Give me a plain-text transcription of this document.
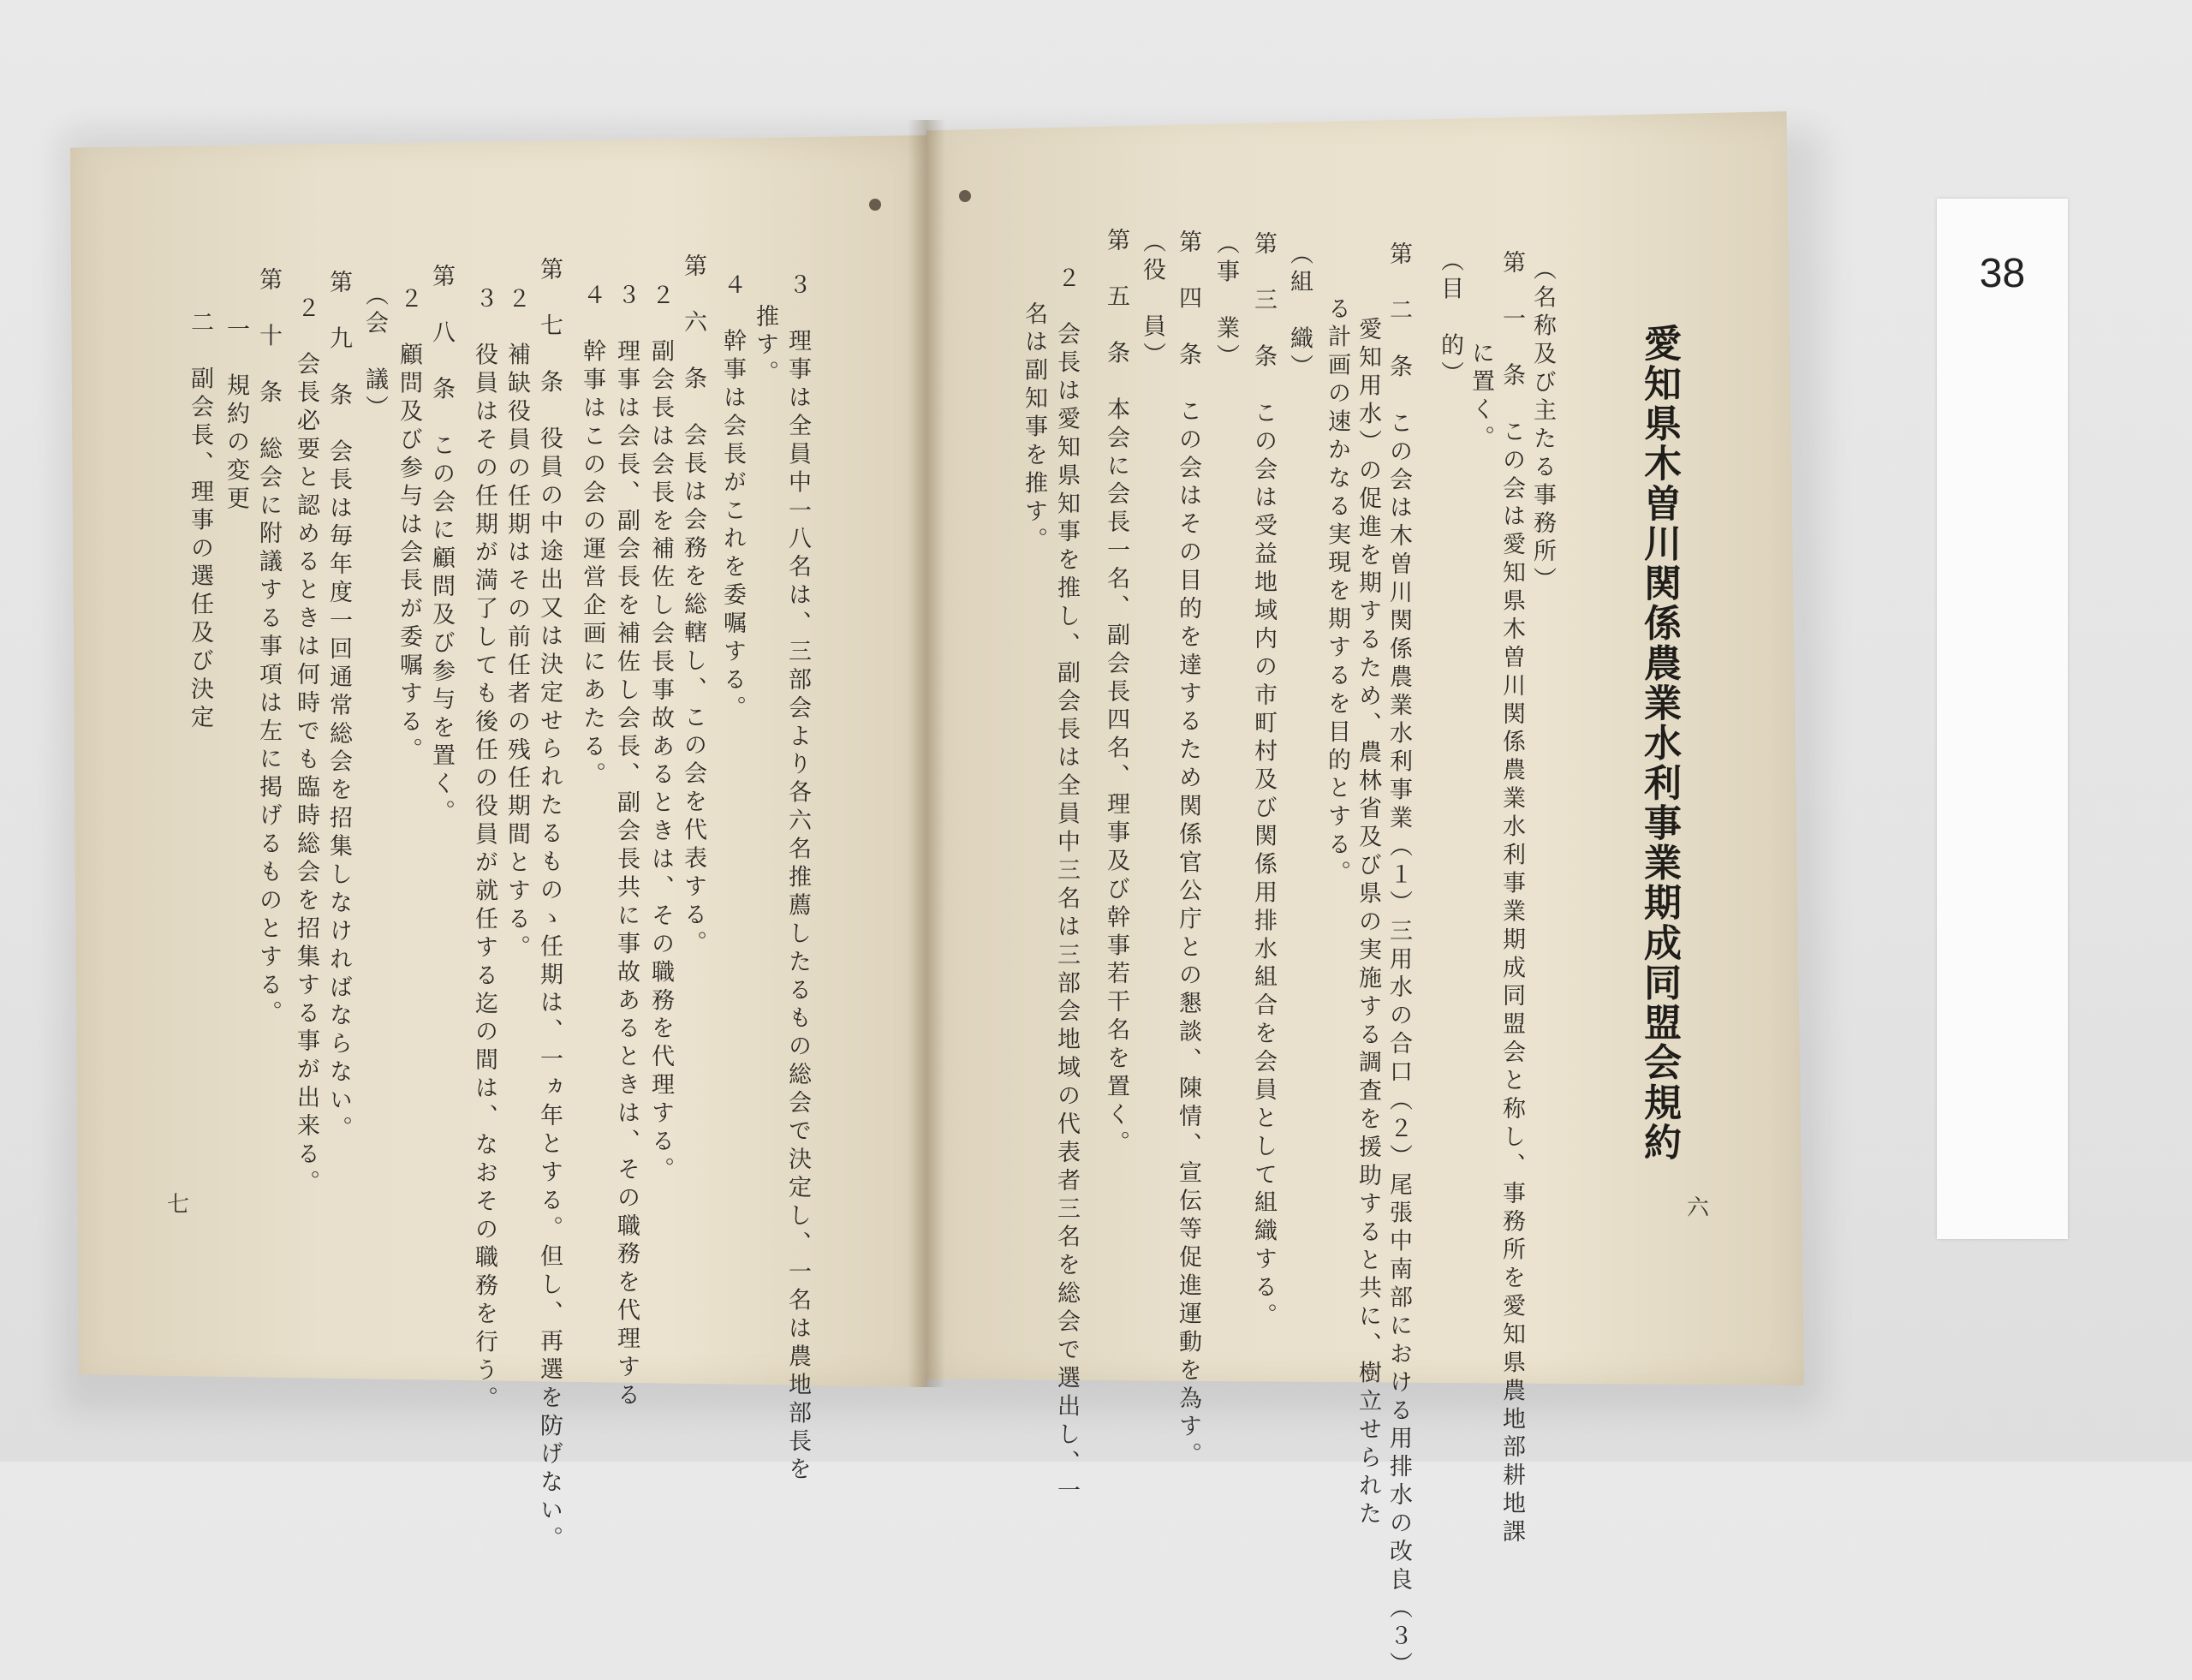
愛知県木曽川関係農業水利事業期成同盟会規約
（名称及び主たる事務所）
第　一　条　この会は愛知県木曽川関係農業水利事業期成同盟会と称し、事務所を愛知県農地部耕地課
に置く。
（目　的）
第　二　条　この会は木曽川関係農業水利事業（１）三用水の合口（２）尾張中南部における用排水の改良（３）
愛知用水）の促進を期するため、農林省及び県の実施する調査を援助すると共に、樹立せられた
る計画の速かなる実現を期するを目的とする。
（組　織）
第　三　条　この会は受益地域内の市町村及び関係用排水組合を会員として組織する。
（事　業）
第　四　条　この会はその目的を達するため関係官公庁との懇談、陳情、宣伝等促進運動を為す。
（役　員）
第　五　条　本会に会長一名、副会長四名、理事及び幹事若干名を置く。
２　会長は愛知県知事を推し、副会長は全員中三名は三部会地域の代表者三名を総会で選出し、一
名は副知事を推す。
３　理事は全員中一八名は、三部会より各六名推薦したるもの総会で決定し、一名は農地部長を
推す。
４　幹事は会長がこれを委嘱する。
第　六　条　会長は会務を総轄し、この会を代表する。
２　副会長は会長を補佐し会長事故あるときは、その職務を代理する。
３　理事は会長、副会長を補佐し会長、副会長共に事故あるときは、その職務を代理する
４　幹事はこの会の運営企画にあたる。
第　七　条　役員の中途出又は決定せられたるものゝ任期は、一ヵ年とする。但し、再選を防げない。
２　補缺役員の任期はその前任者の残任期間とする。
３　役員はその任期が満了しても後任の役員が就任する迄の間は、なおその職務を行う。
第　八　条　この会に顧問及び参与を置く。
２　顧問及び参与は会長が委嘱する。
（会　議）
第　九　条　会長は毎年度一回通常総会を招集しなければならない。
２　会長必要と認めるときは何時でも臨時総会を招集する事が出来る。
第　十　条　総会に附議する事項は左に掲げるものとする。
一　規約の変更
二　副会長、理事の選任及び決定
六
七
38
